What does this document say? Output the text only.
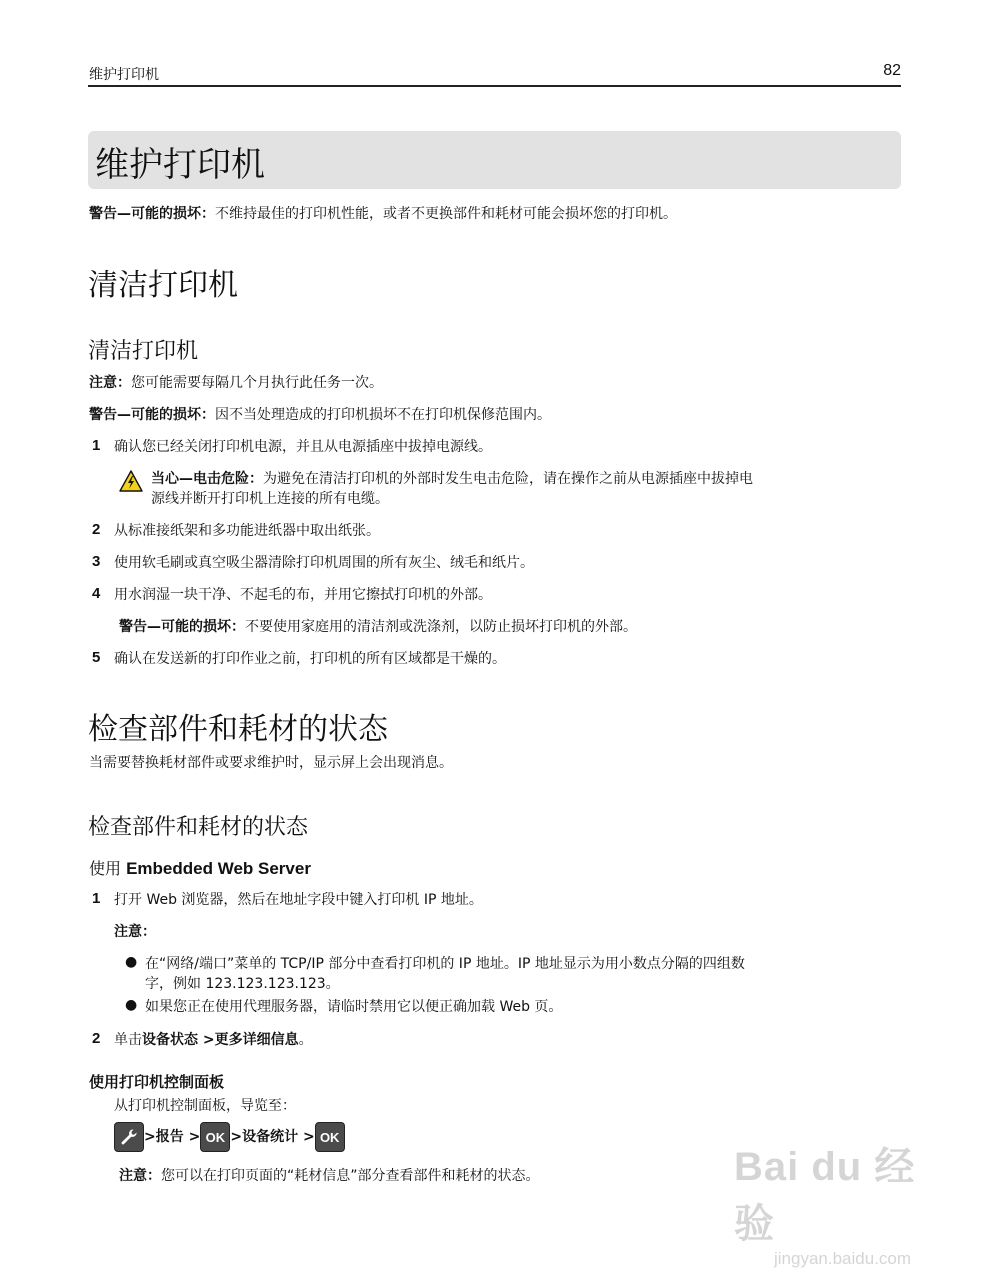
维护打印机	82
维护打印机
警告—可能的损坏：不维持最佳的打印机性能，或者不更换部件和耗材可能会损坏您的打印机。
清洁打印机
清洁打印机
注意：您可能需要每隔几个月执行此任务一次。
警告—可能的损坏：因不当处理造成的打印机损坏不在打印机保修范围内。
1 确认您已经关闭打印机电源，并且从电源插座中拔掉电源线。
当心—电击危险：为避免在清洁打印机的外部时发生电击危险，请在操作之前从电源插座中拔掉电
源线并断开打印机上连接的所有电缆。
2 从标准接纸架和多功能进纸器中取出纸张。
3 使用软毛刷或真空吸尘器清除打印机周围的所有灰尘、绒毛和纸片。
4 用水润湿一块干净、不起毛的布，并用它擦拭打印机的外部。
警告—可能的损坏：不要使用家庭用的清洁剂或洗涤剂，以防止损坏打印机的外部。
5 确认在发送新的打印作业之前，打印机的所有区域都是干燥的。
检查部件和耗材的状态
当需要替换耗材部件或要求维护时，显示屏上会出现消息。
检查部件和耗材的状态
使用 Embedded Web Server
1 打开 Web 浏览器，然后在地址字段中键入打印机 IP 地址。
注意：
● 在“网络/端口”菜单的 TCP/IP 部分中查看打印机的 IP 地址。IP 地址显示为用小数点分隔的四组数
字，例如 123.123.123.123。
● 如果您正在使用代理服务器，请临时禁用它以便正确加载 Web 页。
2 单击设备状态 >更多详细信息。
使用打印机控制面板
从打印机控制面板，导览至：
>报告 > OK >设备统计 > OK
注意：您可以在打印页面的“耗材信息”部分查看部件和耗材的状态。	Bai du 经验
jingyan.baidu.com
